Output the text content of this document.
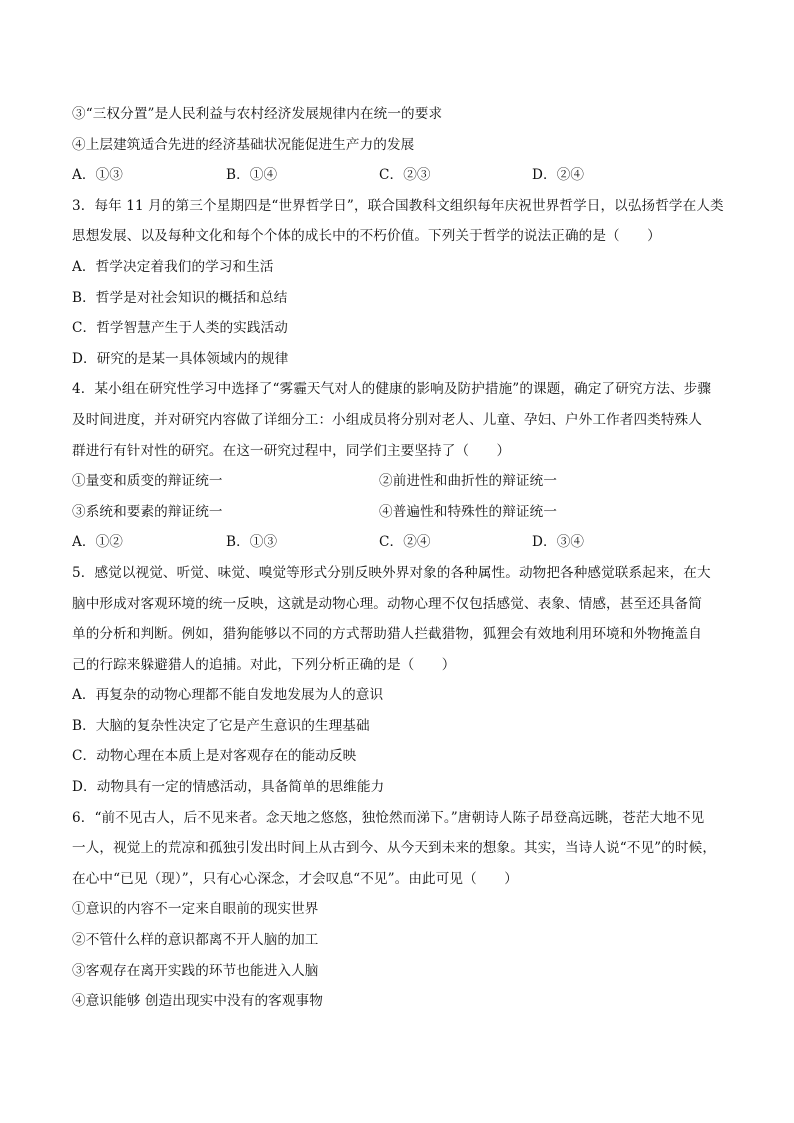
③“三权分置”是人民利益与农村经济发展规律内在统一的要求
④上层建筑适合先进的经济基础状况能促进生产力的发展
A．①③	B．①④	C．②③	D．②④
3．每年 11 月的第三个星期四是“世界哲学日”，联合国教科文组织每年庆祝世界哲学日，以弘扬哲学在人类
思想发展、以及每种文化和每个个体的成长中的不朽价值。下列关于哲学的说法正确的是（　　）
A．哲学决定着我们的学习和生活
B．哲学是对社会知识的概括和总结
C．哲学智慧产生于人类的实践活动
D．研究的是某一具体领域内的规律
4．某小组在研究性学习中选择了“雾霾天气对人的健康的影响及防护措施”的课题，确定了研究方法、步骤
及时间进度，并对研究内容做了详细分工：小组成员将分别对老人、儿童、孕妇、户外工作者四类特殊人
群进行有针对性的研究。在这一研究过程中，同学们主要坚持了（　　）
①量变和质变的辩证统一	②前进性和曲折性的辩证统一
③系统和要素的辩证统一	④普遍性和特殊性的辩证统一
A．①②	B．①③	C．②④	D．③④
5．感觉以视觉、听觉、味觉、嗅觉等形式分别反映外界对象的各种属性。动物把各种感觉联系起来，在大
脑中形成对客观环境的统一反映，这就是动物心理。动物心理不仅包括感觉、表象、情感，甚至还具备简
单的分析和判断。例如，猎狗能够以不同的方式帮助猎人拦截猎物，狐狸会有效地利用环境和外物掩盖自
己的行踪来躲避猎人的追捕。对此，下列分析正确的是（　　）
A．再复杂的动物心理都不能自发地发展为人的意识
B．大脑的复杂性决定了它是产生意识的生理基础
C．动物心理在本质上是对客观存在的能动反映
D．动物具有一定的情感活动，具备简单的思维能力
6．“前不见古人，后不见来者。念天地之悠悠，独怆然而涕下。”唐朝诗人陈子昂登高远眺，苍茫大地不见
一人，视觉上的荒凉和孤独引发出时间上从古到今、从今天到未来的想象。其实，当诗人说“不见”的时候，
在心中“已见（现）”，只有心心深念，才会叹息“不见”。由此可见（　　）
①意识的内容不一定来自眼前的现实世界
②不管什么样的意识都离不开人脑的加工
③客观存在离开实践的环节也能进入人脑
④意识能够 创造出现实中没有的客观事物
